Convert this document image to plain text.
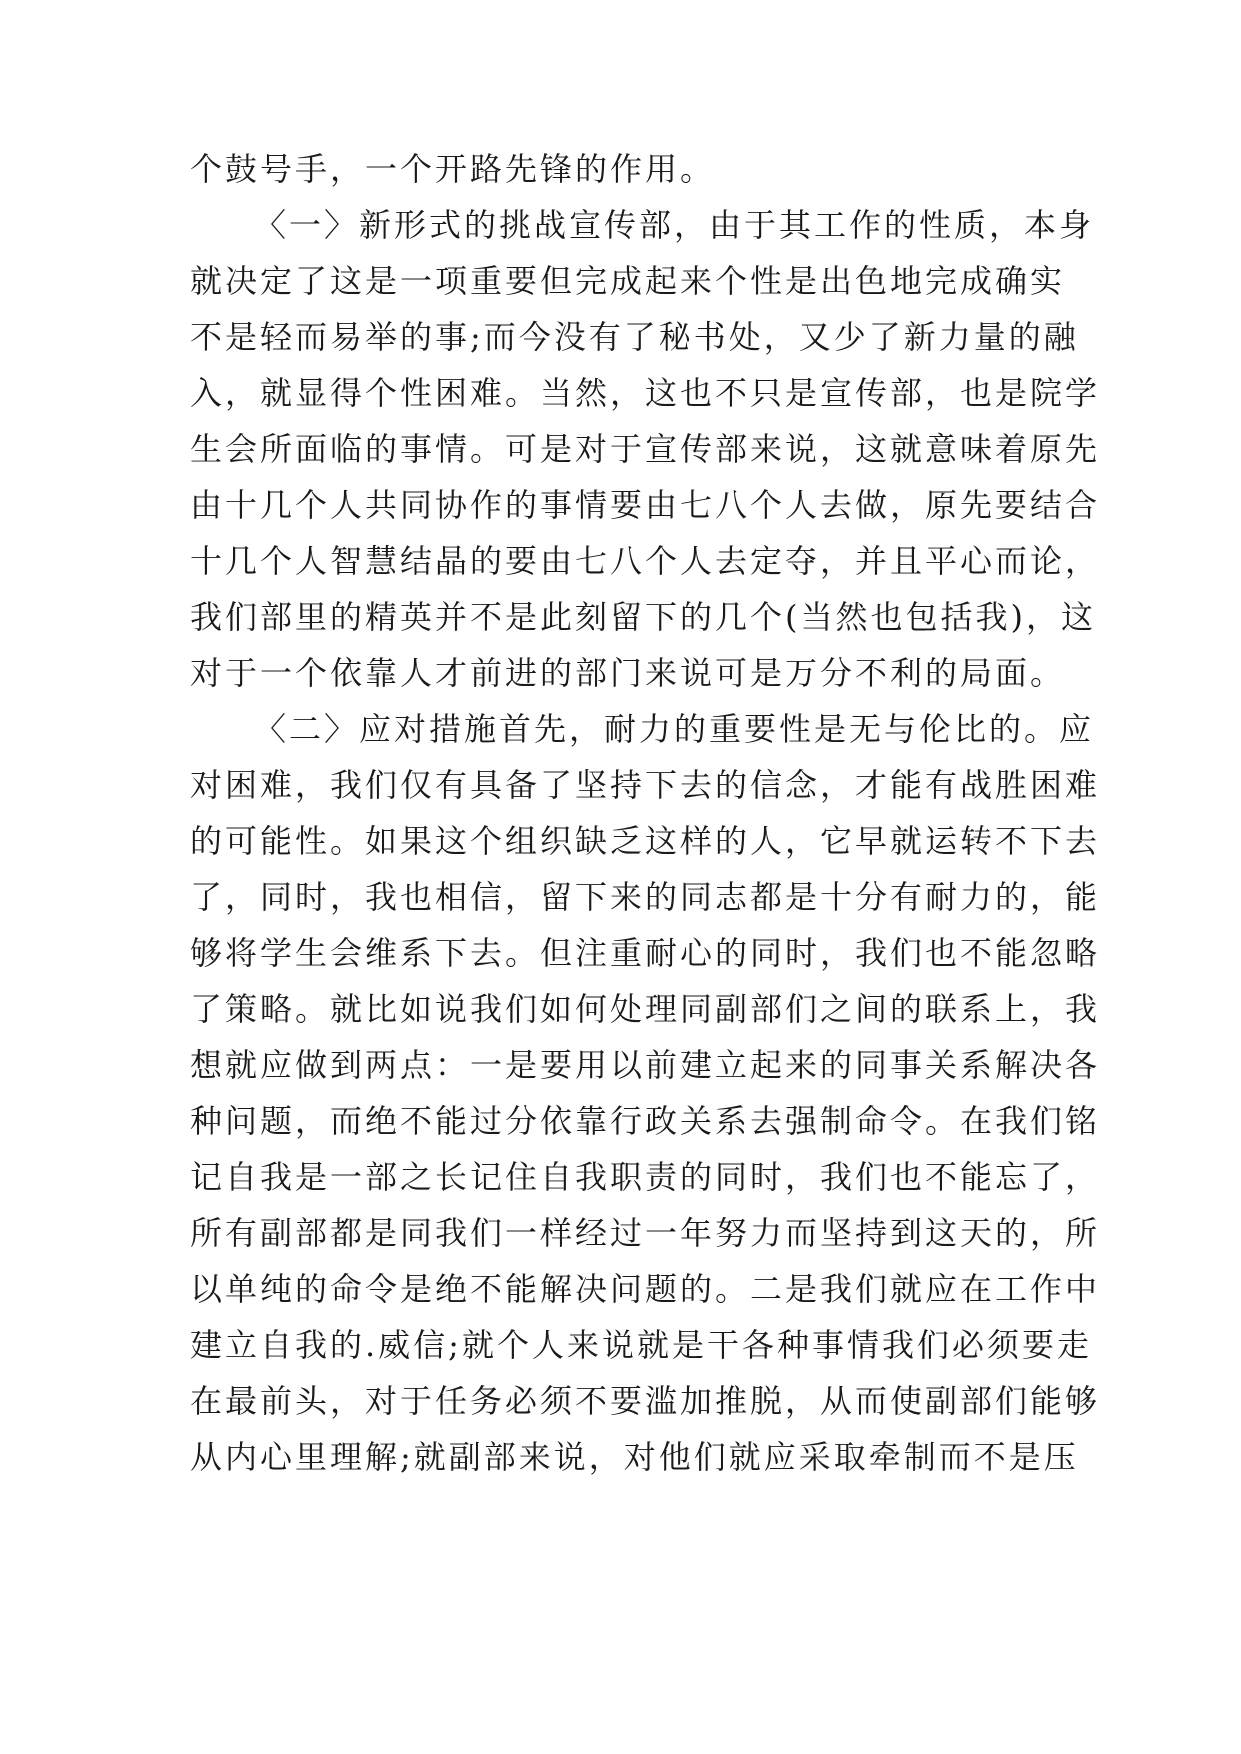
个鼓号手，一个开路先锋的作用。
〈一〉新形式的挑战宣传部，由于其工作的性质，本身
就决定了这是一项重要但完成起来个性是出色地完成确实
不是轻而易举的事;而今没有了秘书处，又少了新力量的融
入，就显得个性困难。当然，这也不只是宣传部，也是院学
生会所面临的事情。可是对于宣传部来说，这就意味着原先
由十几个人共同协作的事情要由七八个人去做，原先要结合
十几个人智慧结晶的要由七八个人去定夺，并且平心而论，
我们部里的精英并不是此刻留下的几个(当然也包括我)，这
对于一个依靠人才前进的部门来说可是万分不利的局面。
〈二〉应对措施首先，耐力的重要性是无与伦比的。应
对困难，我们仅有具备了坚持下去的信念，才能有战胜困难
的可能性。如果这个组织缺乏这样的人，它早就运转不下去
了，同时，我也相信，留下来的同志都是十分有耐力的，能
够将学生会维系下去。但注重耐心的同时，我们也不能忽略
了策略。就比如说我们如何处理同副部们之间的联系上，我
想就应做到两点：一是要用以前建立起来的同事关系解决各
种问题，而绝不能过分依靠行政关系去强制命令。在我们铭
记自我是一部之长记住自我职责的同时，我们也不能忘了，
所有副部都是同我们一样经过一年努力而坚持到这天的，所
以单纯的命令是绝不能解决问题的。二是我们就应在工作中
建立自我的.威信;就个人来说就是干各种事情我们必须要走
在最前头，对于任务必须不要滥加推脱，从而使副部们能够
从内心里理解;就副部来说，对他们就应采取牵制而不是压
